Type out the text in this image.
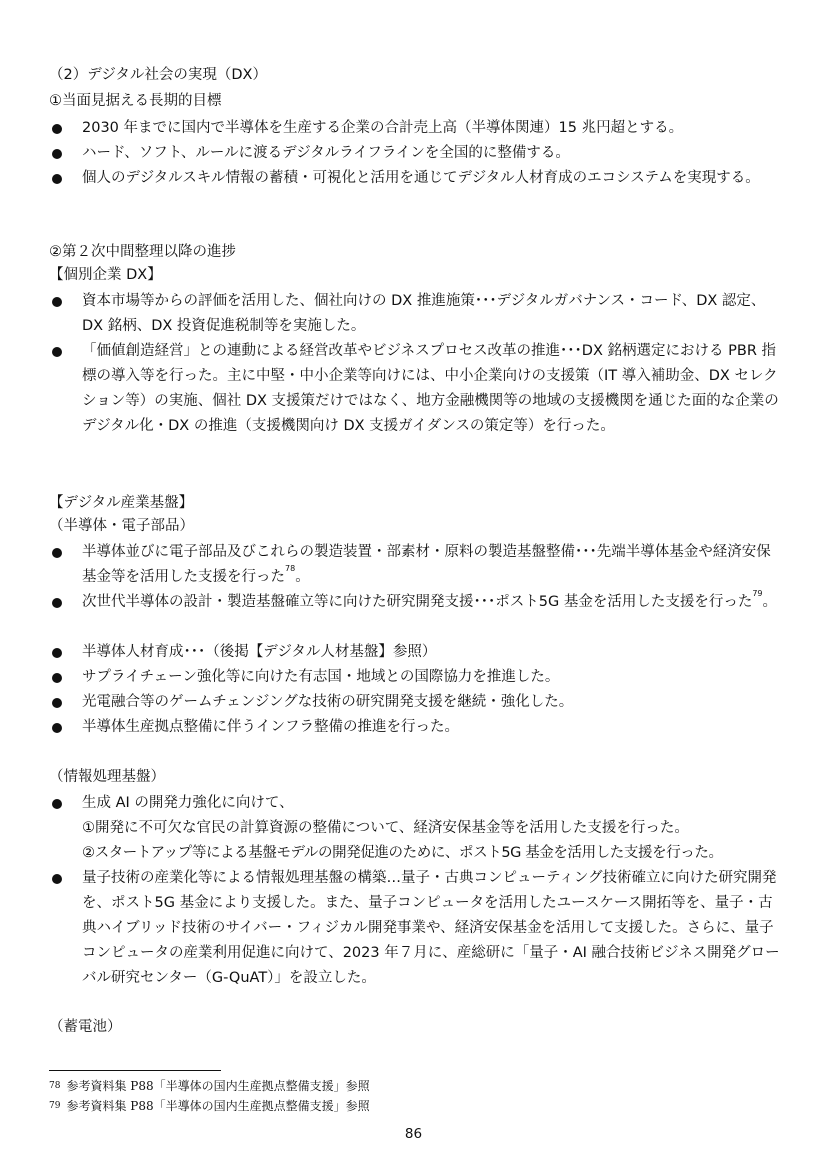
（2）デジタル社会の実現（DX）
①当面見据える長期的目標
2030 年までに国内で半導体を生産する企業の合計売上高（半導体関連）15 兆円超とする。
ハード、ソフト、ルールに渡るデジタルライフラインを全国的に整備する。
個人のデジタルスキル情報の蓄積・可視化と活用を通じてデジタル人材育成のエコシステムを実現する。
②第２次中間整理以降の進捗
【個別企業 DX】
資本市場等からの評価を活用した、個社向けの DX 推進施策･･･デジタルガバナンス・コード、DX 認定、DX 銘柄、DX 投資促進税制等を実施した。
「価値創造経営」との連動による経営改革やビジネスプロセス改革の推進･･･DX 銘柄選定における PBR 指標の導入等を行った。主に中堅・中小企業等向けには、中小企業向けの支援策（IT 導入補助金、DX セレクション等）の実施、個社 DX 支援策だけではなく、地方金融機関等の地域の支援機関を通じた面的な企業のデジタル化・DX の推進（支援機関向け DX 支援ガイダンスの策定等）を行った。
【デジタル産業基盤】
（半導体・電子部品）
半導体並びに電子部品及びこれらの製造装置・部素材・原料の製造基盤整備･･･先端半導体基金や経済安保基金等を活用した支援を行った$^{78}$。
次世代半導体の設計・製造基盤確立等に向けた研究開発支援･･･ポスト5G 基金を活用した支援を行った$^{79}$。
半導体人材育成･･･（後掲【デジタル人材基盤】参照）
サプライチェーン強化等に向けた有志国・地域との国際協力を推進した。
光電融合等のゲームチェンジングな技術の研究開発支援を継続・強化した。
半導体生産拠点整備に伴うインフラ整備の推進を行った。
（情報処理基盤）
生成 AI の開発力強化に向けて、
①開発に不可欠な官民の計算資源の整備について、経済安保基金等を活用した支援を行った。
②スタートアップ等による基盤モデルの開発促進のために、ポスト5G 基金を活用した支援を行った。
量子技術の産業化等による情報処理基盤の構築…量子・古典コンピューティング技術確立に向けた研究開発を、ポスト5G 基金により支援した。また、量子コンピュータを活用したユースケース開拓等を、量子・古典ハイブリッド技術のサイバー・フィジカル開発事業や、経済安保基金を活用して支援した。さらに、量子コンピュータの産業利用促進に向けて、2023 年７月に、産総研に「量子・AI 融合技術ビジネス開発グローバル研究センター（G-QuAT）」を設立した。
（蓄電池）
$^{78}$ 参考資料集 P88「半導体の国内生産拠点整備支援」参照
$^{79}$ 参考資料集 P88「半導体の国内生産拠点整備支援」参照
86
